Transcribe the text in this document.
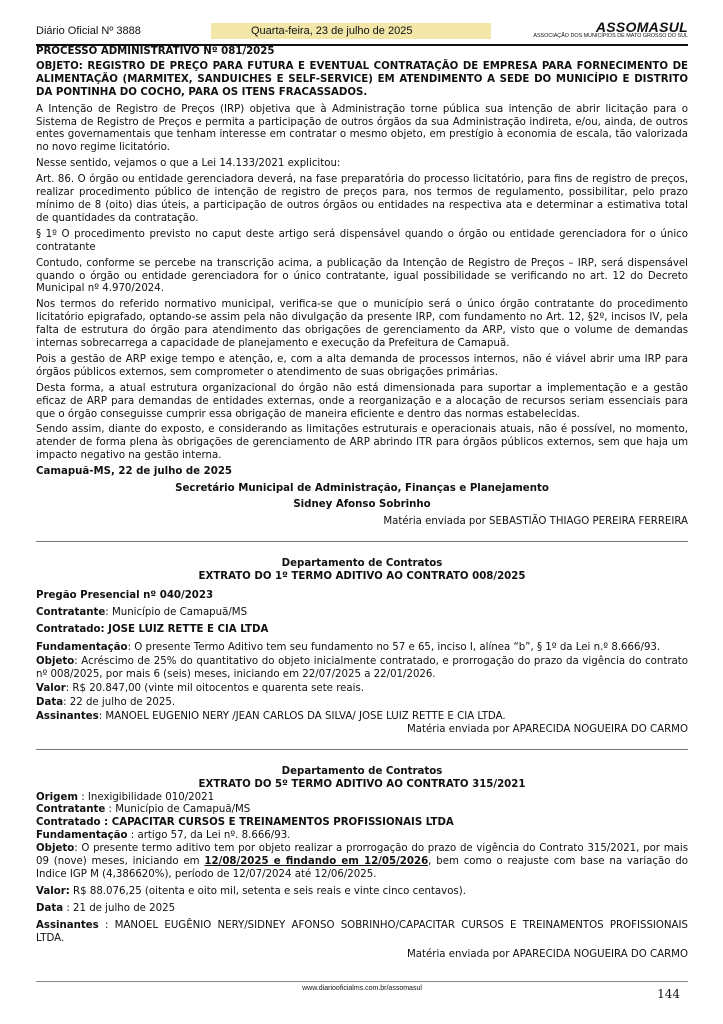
Diário Oficial Nº 3888	Quarta-feira, 23 de julho de 2025	ASSOMASUL
ASSOCIAÇÃO DOS MUNICÍPIOS DE MATO GROSSO DO SUL

PROCESSO ADMINISTRATIVO Nº 081/2025

OBJETO: REGISTRO DE PREÇO PARA FUTURA E EVENTUAL CONTRATAÇÃO DE EMPRESA PARA FORNECIMENTO DE ALIMENTAÇÃO (MARMITEX, SANDUICHES E SELF-SERVICE) EM ATENDIMENTO A SEDE DO MUNICÍPIO E DISTRITO DA PONTINHA DO COCHO, PARA OS ITENS FRACASSADOS.

A Intenção de Registro de Preços (IRP) objetiva que à Administração torne pública sua intenção de abrir licitação para o Sistema de Registro de Preços e permita a participação de outros órgãos da sua Administração indireta, e/ou, ainda, de outros entes governamentais que tenham interesse em contratar o mesmo objeto, em prestígio à economia de escala, tão valorizada no novo regime licitatório.

Nesse sentido, vejamos o que a Lei 14.133/2021 explicitou:

Art. 86. O órgão ou entidade gerenciadora deverá, na fase preparatória do processo licitatório, para fins de registro de preços, realizar procedimento público de intenção de registro de preços para, nos termos de regulamento, possibilitar, pelo prazo mínimo de 8 (oito) dias úteis, a participação de outros órgãos ou entidades na respectiva ata e determinar a estimativa total de quantidades da contratação.

§ 1º O procedimento previsto no caput deste artigo será dispensável quando o órgão ou entidade gerenciadora for o único contratante

Contudo, conforme se percebe na transcrição acima, a publicação da Intenção de Registro de Preços – IRP, será dispensável quando o órgão ou entidade gerenciadora for o único contratante, igual possibilidade se verificando no art. 12 do Decreto Municipal nº 4.970/2024.

Nos termos do referido normativo municipal, verifica-se que o município será o único órgão contratante do procedimento licitatório epigrafado, optando-se assim pela não divulgação da presente IRP, com fundamento no Art. 12, §2º, incisos IV, pela falta de estrutura do órgão para atendimento das obrigações de gerenciamento da ARP, visto que o volume de demandas internas sobrecarrega a capacidade de planejamento e execução da Prefeitura de Camapuã.

Pois a gestão de ARP exige tempo e atenção, e, com a alta demanda de processos internos, não é viável abrir uma IRP para órgãos públicos externos, sem comprometer o atendimento de suas obrigações primárias.

Desta forma, a atual estrutura organizacional do órgão não está dimensionada para suportar a implementação e a gestão eficaz de ARP para demandas de entidades externas, onde a reorganização e a alocação de recursos seriam essenciais para que o órgão conseguisse cumprir essa obrigação de maneira eficiente e dentro das normas estabelecidas.

Sendo assim, diante do exposto, e considerando as limitações estruturais e operacionais atuais, não é possível, no momento, atender de forma plena às obrigações de gerenciamento de ARP abrindo ITR para órgãos públicos externos, sem que haja um impacto negativo na gestão interna.

Camapuã-MS, 22 de julho de 2025

Secretário Municipal de Administração, Finanças e Planejamento

Sidney Afonso Sobrinho

Matéria enviada por SEBASTIÃO THIAGO PEREIRA FERREIRA

Departamento de Contratos

EXTRATO DO 1º TERMO ADITIVO AO CONTRATO 008/2025

Pregão Presencial nº 040/2023

Contratante: Município de Camapuã/MS

Contratado: JOSE LUIZ RETTE E CIA LTDA

Fundamentação: O presente Termo Aditivo tem seu fundamento no 57 e 65, inciso I, alínea “b”, § 1º da Lei n.º 8.666/93.

Objeto: Acréscimo de 25% do quantitativo do objeto inicialmente contratado, e prorrogação do prazo da vigência do contrato nº 008/2025, por mais 6 (seis) meses, iniciando em 22/07/2025 a 22/01/2026.

Valor: R$ 20.847,00 (vinte mil oitocentos e quarenta sete reais.

Data: 22 de julho de 2025.

Assinantes: MANOEL EUGENIO NERY /JEAN CARLOS DA SILVA/ JOSE LUIZ RETTE E CIA LTDA.

Matéria enviada por APARECIDA NOGUEIRA DO CARMO

Departamento de Contratos

EXTRATO DO 5º TERMO ADITIVO AO CONTRATO 315/2021

Origem : Inexigibilidade 010/2021

Contratante : Município de Camapuã/MS

Contratado : CAPACITAR CURSOS E TREINAMENTOS PROFISSIONAIS LTDA

Fundamentação : artigo 57, da Lei nº. 8.666/93.

Objeto: O presente termo aditivo tem por objeto realizar a prorrogação do prazo de vigência do Contrato 315/2021, por mais 09 (nove) meses, iniciando em 12/08/2025 e findando em 12/05/2026, bem como o reajuste com base na variação do Indice IGP M (4,386620%), período de 12/07/2024 até 12/06/2025.

Valor: R$ 88.076,25 (oitenta e oito mil, setenta e seis reais e vinte cinco centavos).

Data : 21 de julho de 2025

Assinantes : MANOEL EUGÊNIO NERY/SIDNEY AFONSO SOBRINHO/CAPACITAR CURSOS E TREINAMENTOS PROFISSIONAIS LTDA.

Matéria enviada por APARECIDA NOGUEIRA DO CARMO

www.diariooficialms.com.br/assomasul	144
